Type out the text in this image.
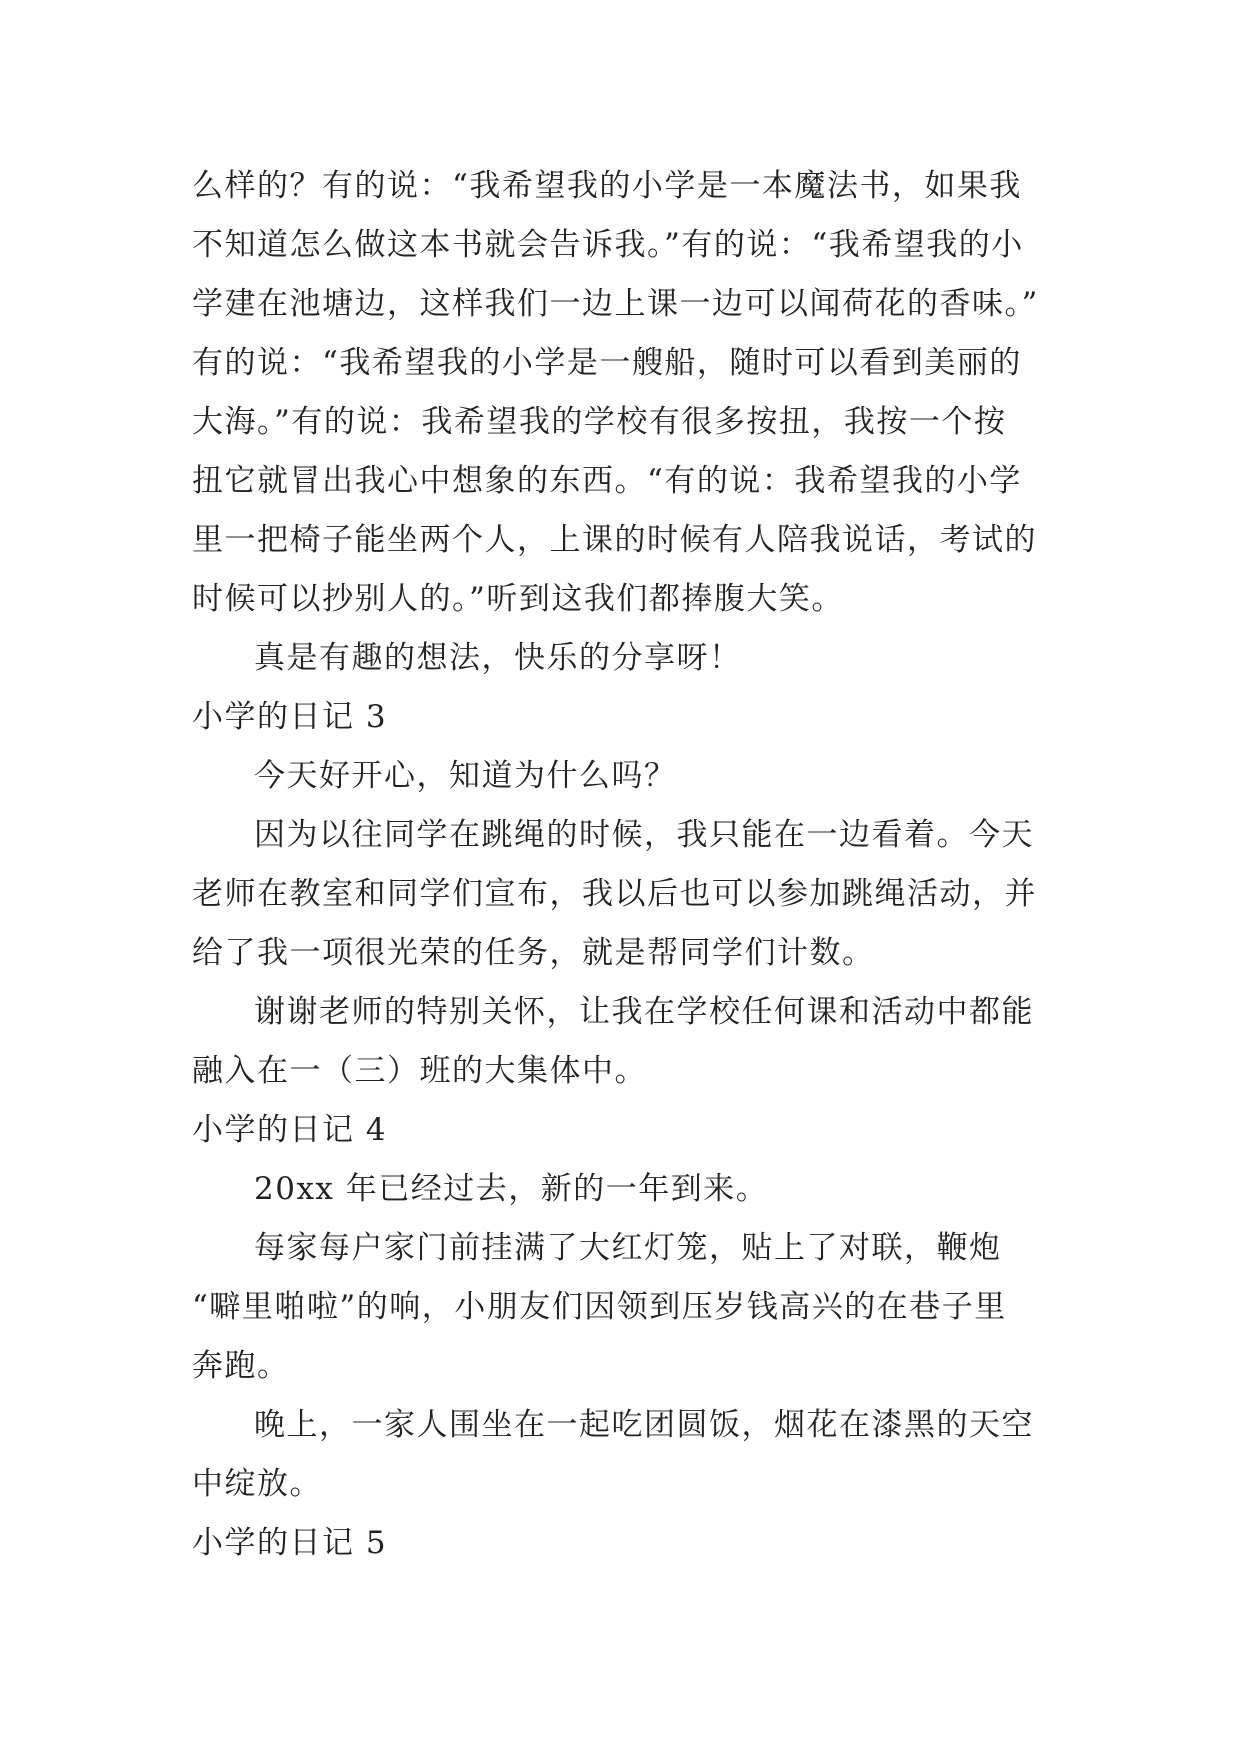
么样的？有的说：“我希望我的小学是一本魔法书，如果我
不知道怎么做这本书就会告诉我。”有的说：“我希望我的小
学建在池塘边，这样我们一边上课一边可以闻荷花的香味。”
有的说：“我希望我的小学是一艘船，随时可以看到美丽的
大海。”有的说：我希望我的学校有很多按扭，我按一个按
扭它就冒出我心中想象的东西。“有的说：我希望我的小学
里一把椅子能坐两个人，上课的时候有人陪我说话，考试的
时候可以抄别人的。”听到这我们都捧腹大笑。
真是有趣的想法，快乐的分享呀！
小学的日记 3
今天好开心，知道为什么吗？
因为以往同学在跳绳的时候，我只能在一边看着。今天
老师在教室和同学们宣布，我以后也可以参加跳绳活动，并
给了我一项很光荣的任务，就是帮同学们计数。
谢谢老师的特别关怀，让我在学校任何课和活动中都能
融入在一（三）班的大集体中。
小学的日记 4
20xx 年已经过去，新的一年到来。
每家每户家门前挂满了大红灯笼，贴上了对联，鞭炮
“噼里啪啦”的响，小朋友们因领到压岁钱高兴的在巷子里
奔跑。
晚上，一家人围坐在一起吃团圆饭，烟花在漆黑的天空
中绽放。
小学的日记 5
